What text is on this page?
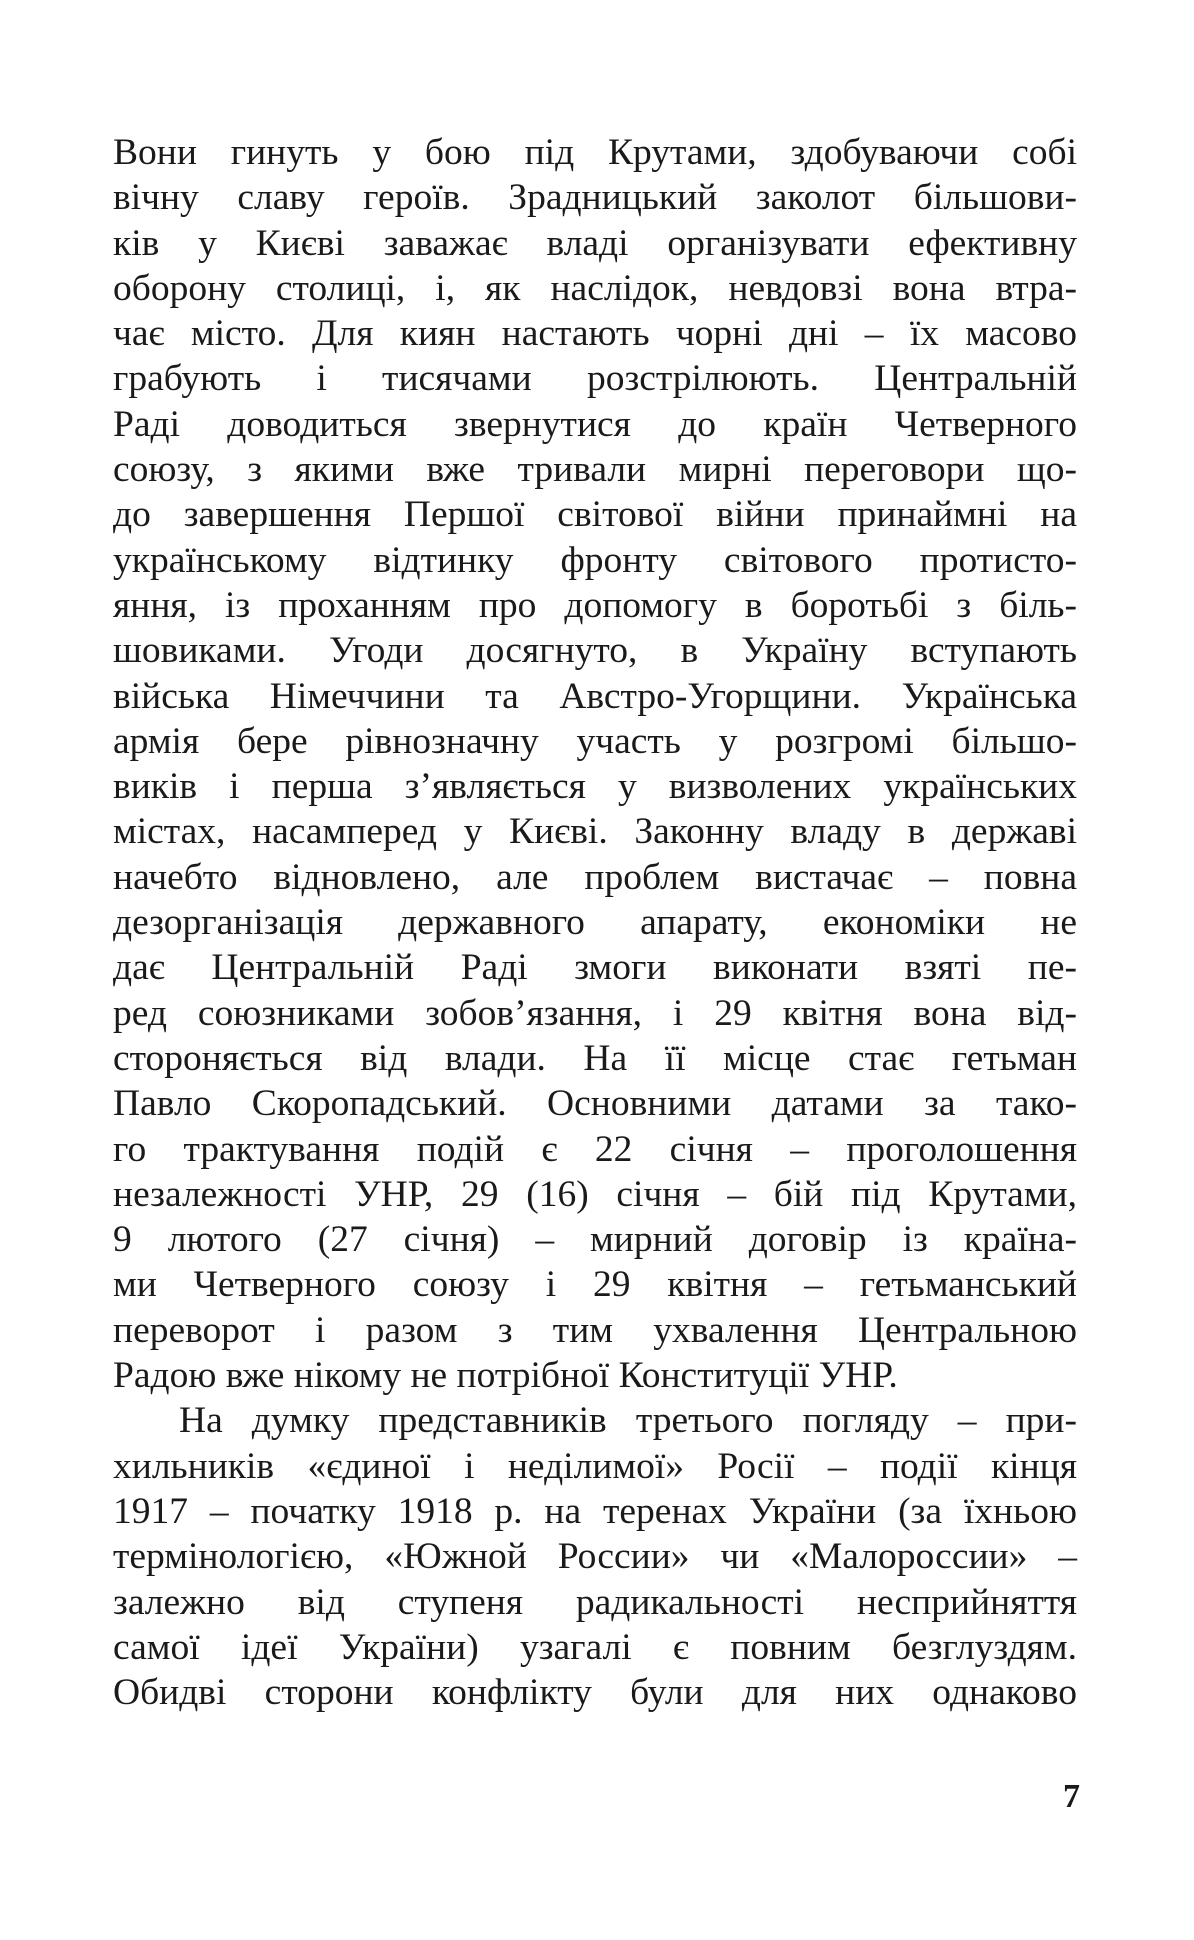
Вони гинуть у бою під Крутами, здобуваючи собі
вічну славу героїв. Зрадницький заколот більшови-
ків у Києві заважає владі організувати ефективну
оборону столиці, і, як наслідок, невдовзі вона втра-
чає місто. Для киян настають чорні дні – їх масово
грабують і тисячами розстрілюють. Центральній
Раді доводиться звернутися до країн Четверного
союзу, з якими вже тривали мирні переговори що-
до завершення Першої світової війни принаймні на
українському відтинку фронту світового протисто-
яння, із проханням про допомогу в боротьбі з біль-
шовиками. Угоди досягнуто, в Україну вступають
війська Німеччини та Австро-Угорщини. Українська
армія бере рівнозначну участь у розгромі більшо-
виків і перша з’являється у визволених українських
містах, насамперед у Києві. Законну владу в державі
начебто відновлено, але проблем вистачає – повна
дезорганізація державного апарату, економіки не
дає Центральній Раді змоги виконати взяті пе-
ред союзниками зобов’язання, і 29 квітня вона від-
стороняється від влади. На її місце стає гетьман
Павло Скоропадський. Основними датами за тако-
го трактування подій є 22 січня – проголошення
незалежності УНР, 29 (16) січня – бій під Крутами,
9 лютого (27 січня) – мирний договір із країна-
ми Четверного союзу і 29 квітня – гетьманський
переворот і разом з тим ухвалення Центральною
Радою вже нікому не потрібної Конституції УНР.
На думку представників третього погляду – при-
хильників «єдиної і неділимої» Росії – події кінця
1917 – початку 1918 р. на теренах України (за їхньою
термінологією, «Южной России» чи «Малороссии» –
залежно від ступеня радикальності несприйняття
самої ідеї України) узагалі є повним безглуздям.
Обидві сторони конфлікту були для них однаково
7
